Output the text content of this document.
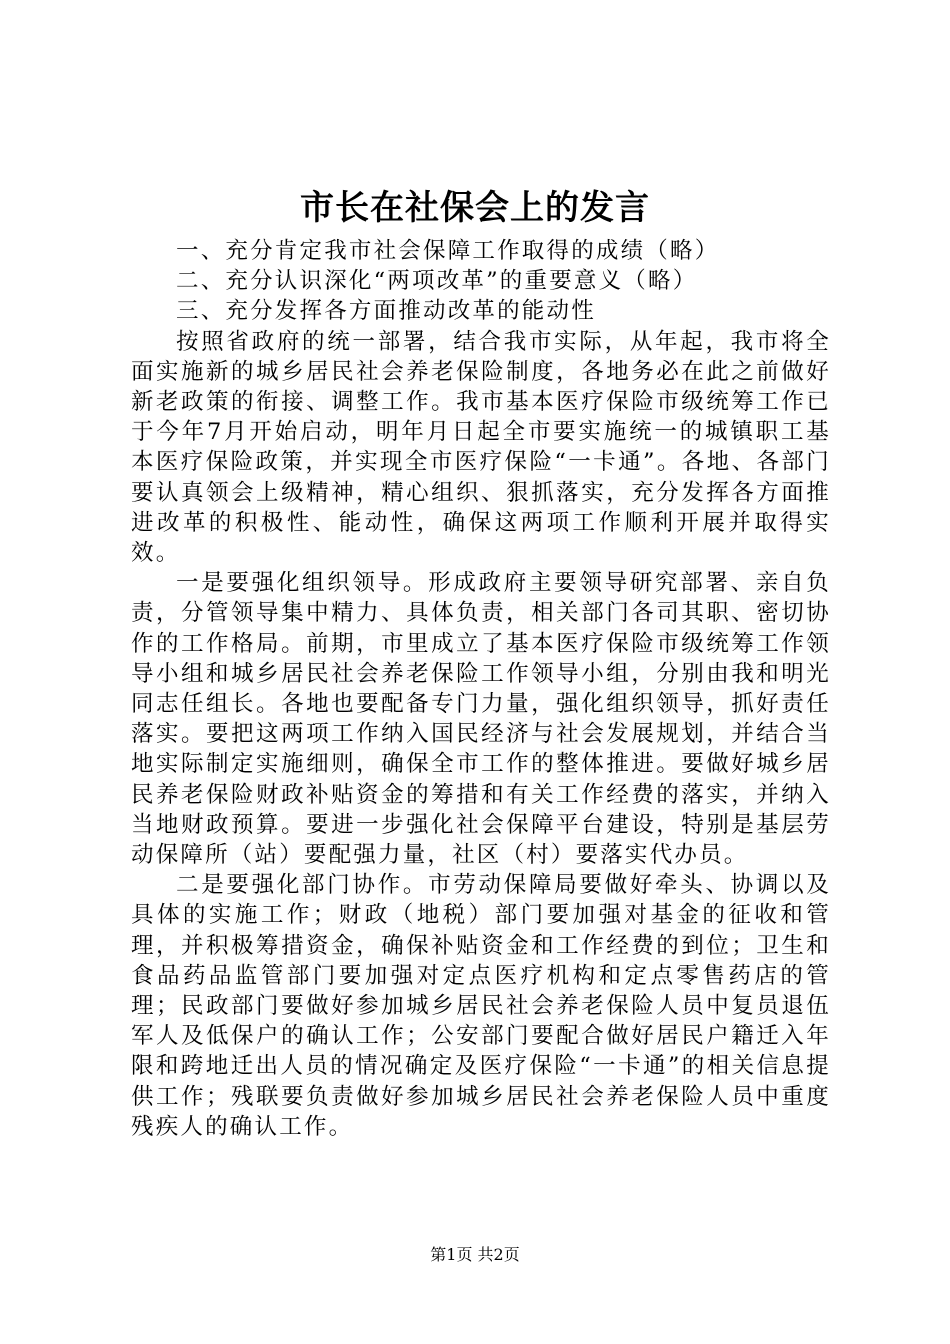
市长在社保会上的发言

一、充分肯定我市社会保障工作取得的成绩（略）

二、充分认识深化“两项改革”的重要意义（略）

三、充分发挥各方面推动改革的能动性

按照省政府的统一部署，结合我市实际，从年起，我市将全面实施新的城乡居民社会养老保险制度，各地务必在此之前做好新老政策的衔接、调整工作。我市基本医疗保险市级统筹工作已于今年7月开始启动，明年月日起全市要实施统一的城镇职工基本医疗保险政策，并实现全市医疗保险“一卡通”。各地、各部门要认真领会上级精神，精心组织、狠抓落实，充分发挥各方面推进改革的积极性、能动性，确保这两项工作顺利开展并取得实效。

一是要强化组织领导。形成政府主要领导研究部署、亲自负责，分管领导集中精力、具体负责，相关部门各司其职、密切协作的工作格局。前期，市里成立了基本医疗保险市级统筹工作领导小组和城乡居民社会养老保险工作领导小组，分别由我和明光同志任组长。各地也要配备专门力量，强化组织领导，抓好责任落实。要把这两项工作纳入国民经济与社会发展规划，并结合当地实际制定实施细则，确保全市工作的整体推进。要做好城乡居民养老保险财政补贴资金的筹措和有关工作经费的落实，并纳入当地财政预算。要进一步强化社会保障平台建设，特别是基层劳动保障所（站）要配强力量，社区（村）要落实代办员。

二是要强化部门协作。市劳动保障局要做好牵头、协调以及具体的实施工作；财政（地税）部门要加强对基金的征收和管理，并积极筹措资金，确保补贴资金和工作经费的到位；卫生和食品药品监管部门要加强对定点医疗机构和定点零售药店的管理；民政部门要做好参加城乡居民社会养老保险人员中复员退伍军人及低保户的确认工作；公安部门要配合做好居民户籍迁入年限和跨地迁出人员的情况确定及医疗保险“一卡通”的相关信息提供工作；残联要负责做好参加城乡居民社会养老保险人员中重度残疾人的确认工作。

第1页 共2页
